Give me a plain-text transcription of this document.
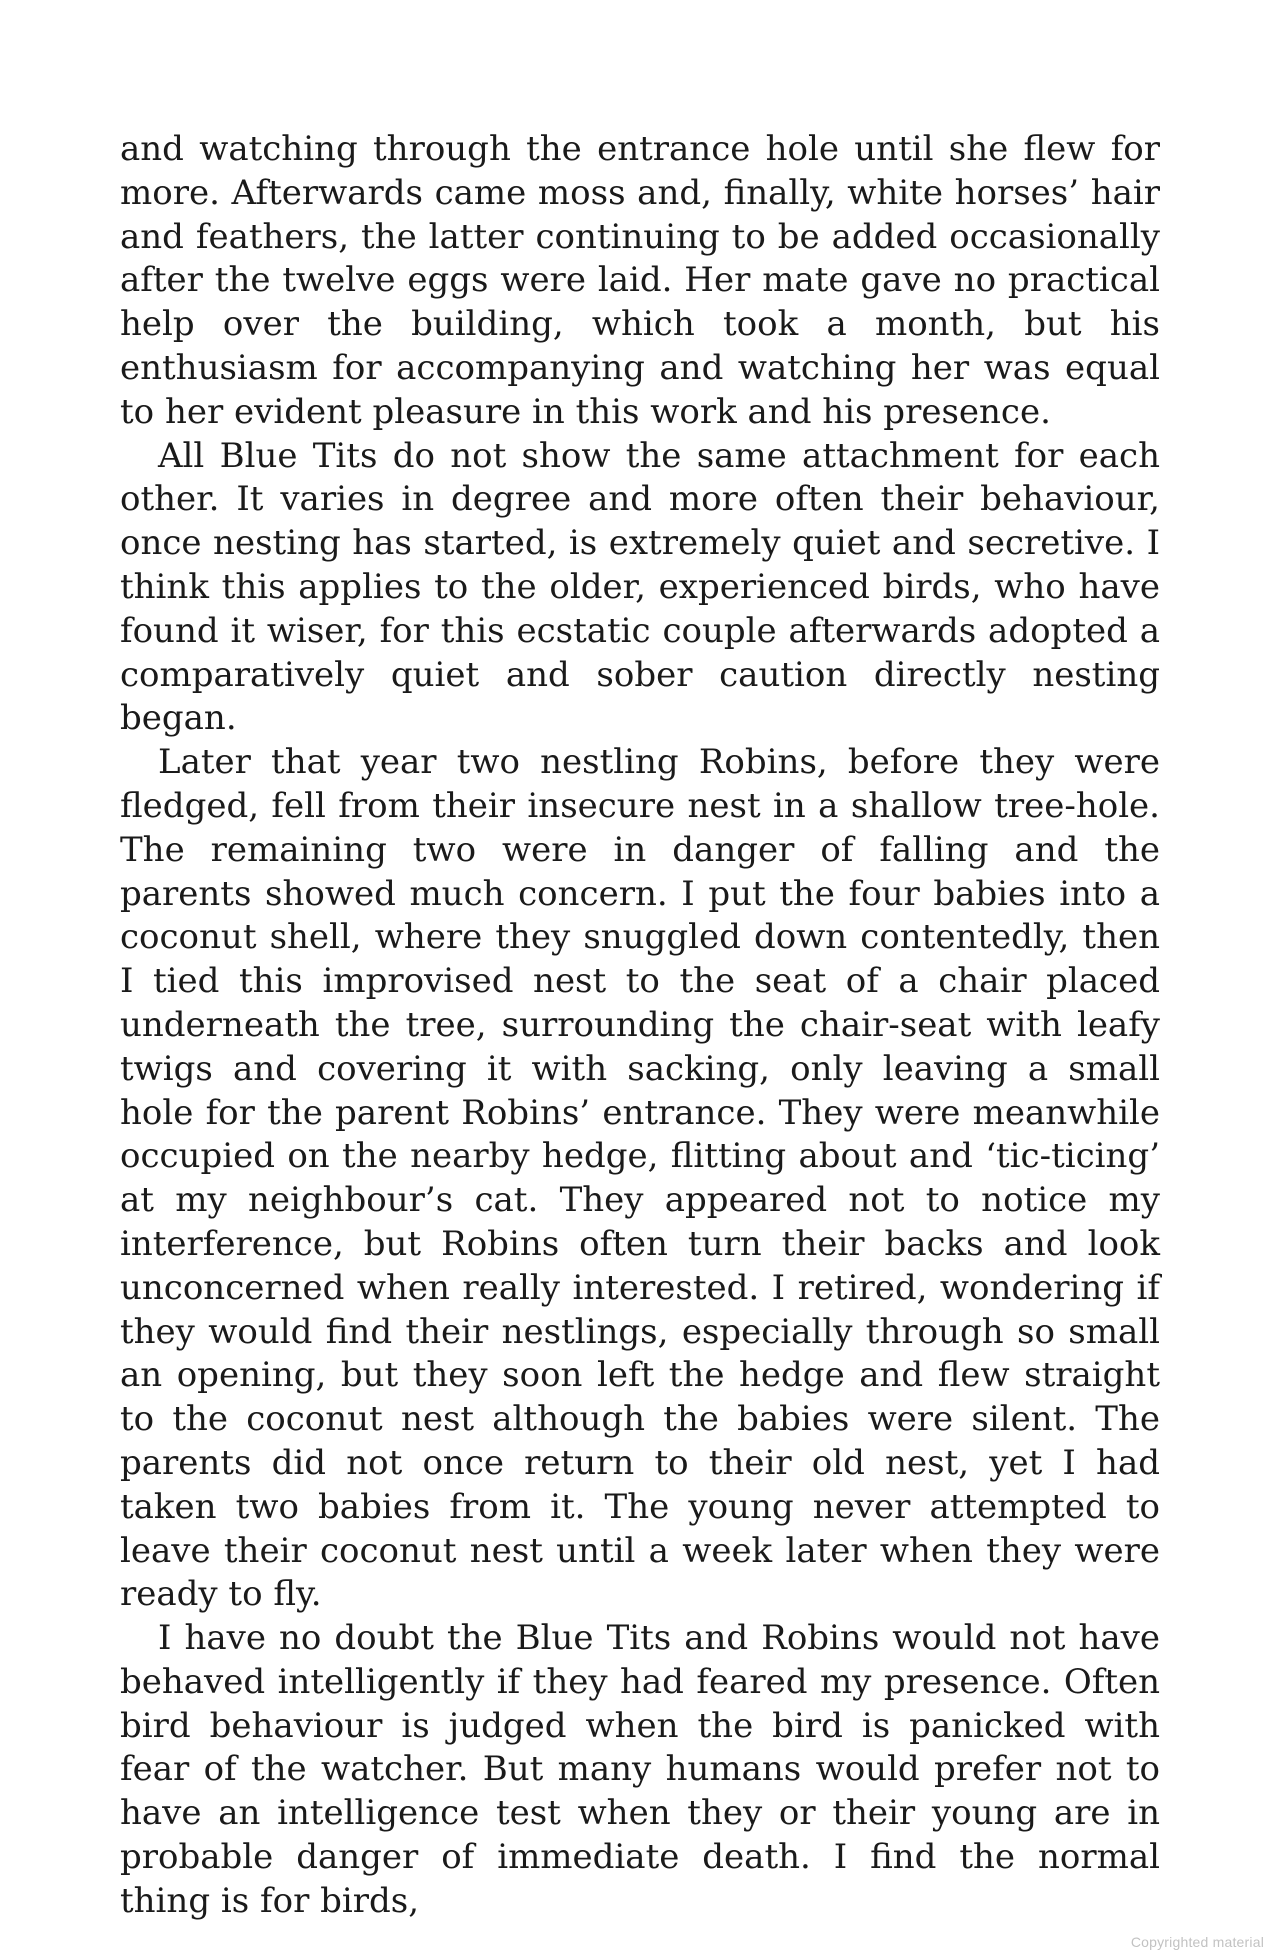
and watching through the entrance hole until she flew for more. Afterwards came moss and, finally, white horses’ hair and feathers, the latter continuing to be added occasionally after the twelve eggs were laid. Her mate gave no practical help over the building, which took a month, but his enthusiasm for accompanying and watching her was equal to her evident pleasure in this work and his presence.

All Blue Tits do not show the same attachment for each other. It varies in degree and more often their behaviour, once nesting has started, is extremely quiet and secretive. I think this applies to the older, experienced birds, who have found it wiser, for this ecstatic couple afterwards adopted a comparatively quiet and sober caution directly nesting began.

Later that year two nestling Robins, before they were fledged, fell from their insecure nest in a shallow tree-hole. The remaining two were in danger of falling and the parents showed much concern. I put the four babies into a coconut shell, where they snuggled down contentedly, then I tied this improvised nest to the seat of a chair placed underneath the tree, surrounding the chair-seat with leafy twigs and covering it with sacking, only leaving a small hole for the parent Robins’ entrance. They were meanwhile occupied on the nearby hedge, flitting about and ‘tic-ticing’ at my neighbour’s cat. They appeared not to notice my interference, but Robins often turn their backs and look unconcerned when really interested. I retired, wondering if they would find their nestlings, especially through so small an opening, but they soon left the hedge and flew straight to the coconut nest although the babies were silent. The parents did not once return to their old nest, yet I had taken two babies from it. The young never attempted to leave their coconut nest until a week later when they were ready to fly.

I have no doubt the Blue Tits and Robins would not have behaved intelligently if they had feared my presence. Often bird behaviour is judged when the bird is panicked with fear of the watcher. But many humans would prefer not to have an intelligence test when they or their young are in probable danger of immediate death. I find the normal thing is for birds,

Copyrighted material
